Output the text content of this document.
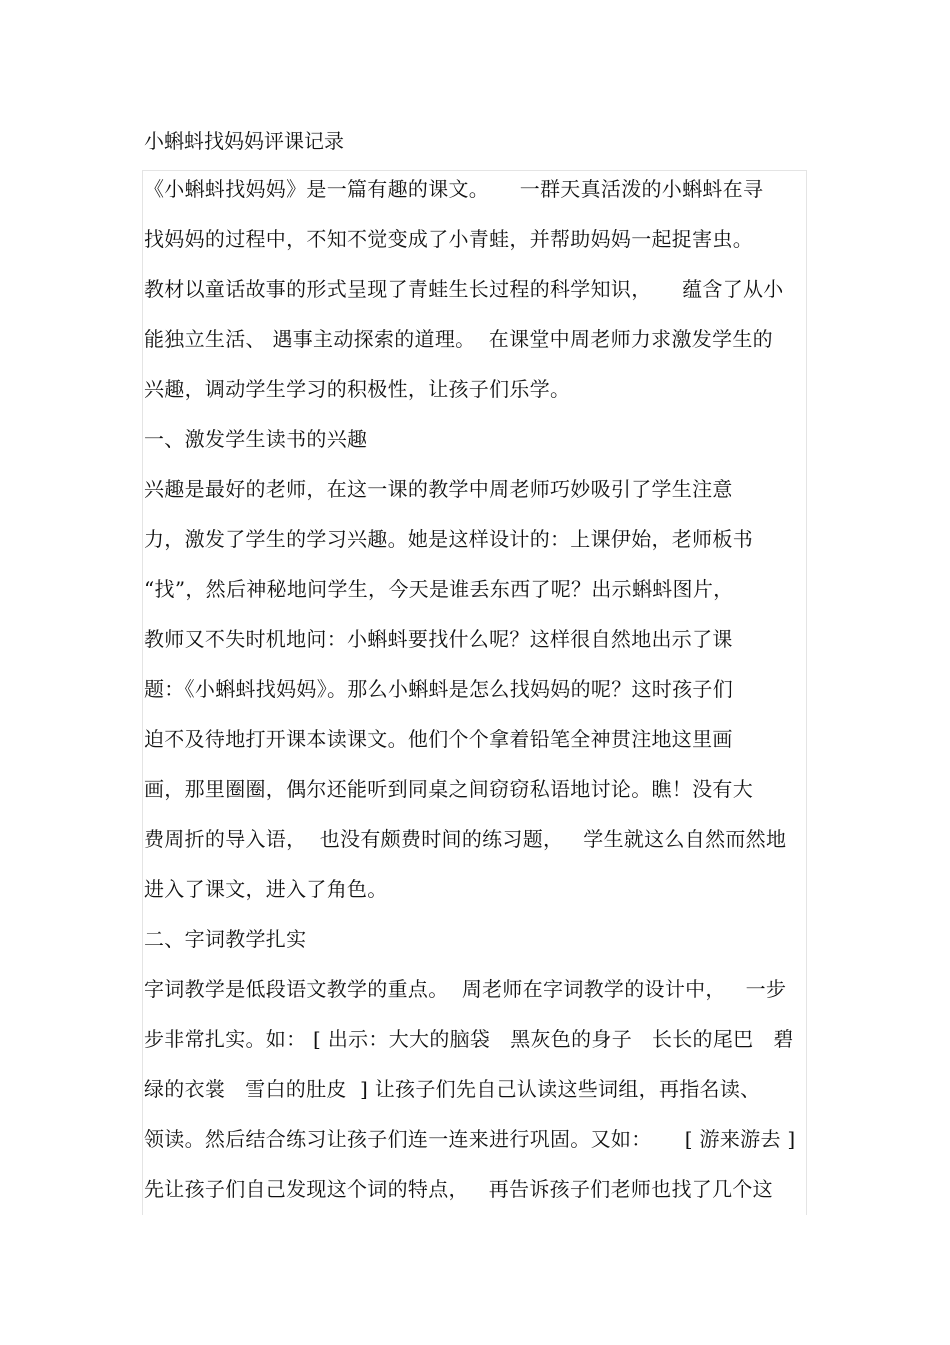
小蝌蚪找妈妈评课记录
《小蝌蚪找妈妈》是一篇有趣的课文。　　一群天真活泼的小蝌蚪在寻
找妈妈的过程中，不知不觉变成了小青蛙，并帮助妈妈一起捉害虫。
教材以童话故事的形式呈现了青蛙生长过程的科学知识，　　蕴含了从小
能独立生活、 遇事主动探索的道理。  在课堂中周老师力求激发学生的
兴趣，调动学生学习的积极性，让孩子们乐学。
一、激发学生读书的兴趣
兴趣是最好的老师，在这一课的教学中周老师巧妙吸引了学生注意
力，激发了学生的学习兴趣。她是这样设计的：上课伊始，老师板书
“找”，然后神秘地问学生，今天是谁丢东西了呢？出示蝌蚪图片，
教师又不失时机地问：小蝌蚪要找什么呢？这样很自然地出示了课
题：《小蝌蚪找妈妈》。那么小蝌蚪是怎么找妈妈的呢？这时孩子们
迫不及待地打开课本读课文。他们个个拿着铅笔全神贯注地这里画
画，那里圈圈，偶尔还能听到同桌之间窃窃私语地讨论。瞧！没有大
费周折的导入语，  也没有颇费时间的练习题，   学生就这么自然而然地
进入了课文，进入了角色。
二、字词教学扎实
字词教学是低段语文教学的重点。  周老师在字词教学的设计中，   一步
步非常扎实。如： [ 出示：大大的脑袋   黑灰色的身子   长长的尾巴   碧
绿的衣裳   雪白的肚皮  ] 让孩子们先自己认读这些词组，再指名读、
领读。然后结合练习让孩子们连一连来进行巩固。又如：     [ 游来游去 ]
先让孩子们自己发现这个词的特点，   再告诉孩子们老师也找了几个这
